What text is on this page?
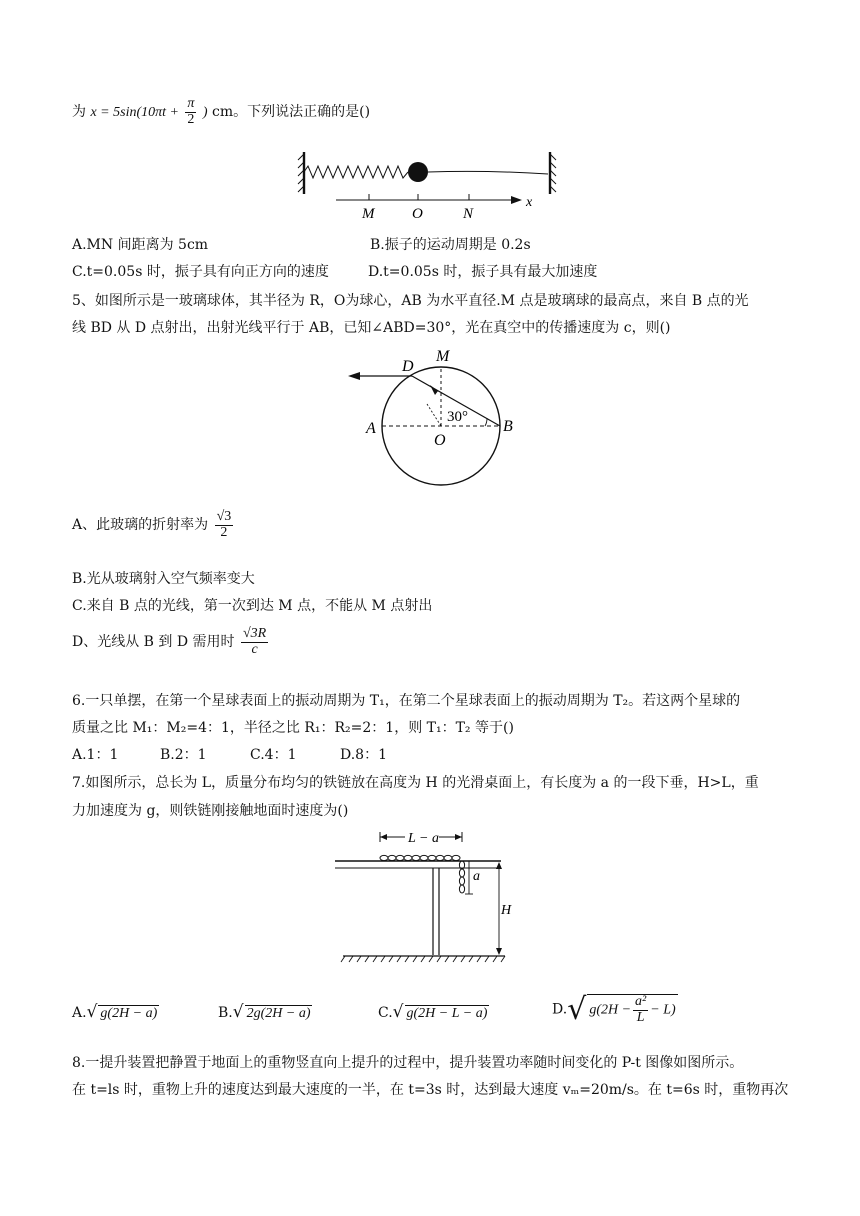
为 $x = 5\sin(10\pi t + \frac{\pi}{2}$ ) cm。下列说法正确的是()
M	O	N
x
A.MN 间距离为 5cm	B.振子的运动周期是 0.2s
C.t=0.05s 时，振子具有向正方向的速度	D.t=0.05s 时，振子具有最大加速度
5、如图所示是一玻璃球体，其半径为 R，O为球心，AB 为水平直径.M 点是玻璃球的最高点，来自 B 点的光
线 BD 从 D 点射出，出射光线平行于 AB，已知∠ABD=30°，光在真空中的传播速度为 c，则()
D
M
A
O
B
30°
A、此玻璃的折射率为 $\frac{√3}{2}$
B.光从玻璃射入空气频率变大
C.来自 B 点的光线，第一次到达 M 点，不能从 M 点射出
D、光线从 B 到 D 需用时 $\frac{√3R}{c}$
6.一只单摆，在第一个星球表面上的振动周期为 T₁，在第二个星球表面上的振动周期为 T₂。若这两个星球的
质量之比 M₁：M₂=4：1，半径之比 R₁：R₂=2：1，则 T₁：T₂ 等于()
A.1：1	B.2：1	C.4：1	D.8：1
7.如图所示，总长为 L，质量分布均匀的铁链放在高度为 H 的光滑桌面上，有长度为 a 的一段下垂，H>L，重
力加速度为 g，则铁链刚接触地面时速度为()
L − a
a
H
A.√ g(2H − a)	B.√ 2g(2H − a)	C.√ g(2H − L − a)	D.√ $g(2H - \frac{\text{a²}}{L} - L)$
8.一提升装置把静置于地面上的重物竖直向上提升的过程中，提升装置功率随时间变化的 P-t 图像如图所示。
在 t=ls 时，重物上升的速度达到最大速度的一半，在 t=3s 时，达到最大速度 vₘ=20m/s。在 t=6s 时，重物再次
